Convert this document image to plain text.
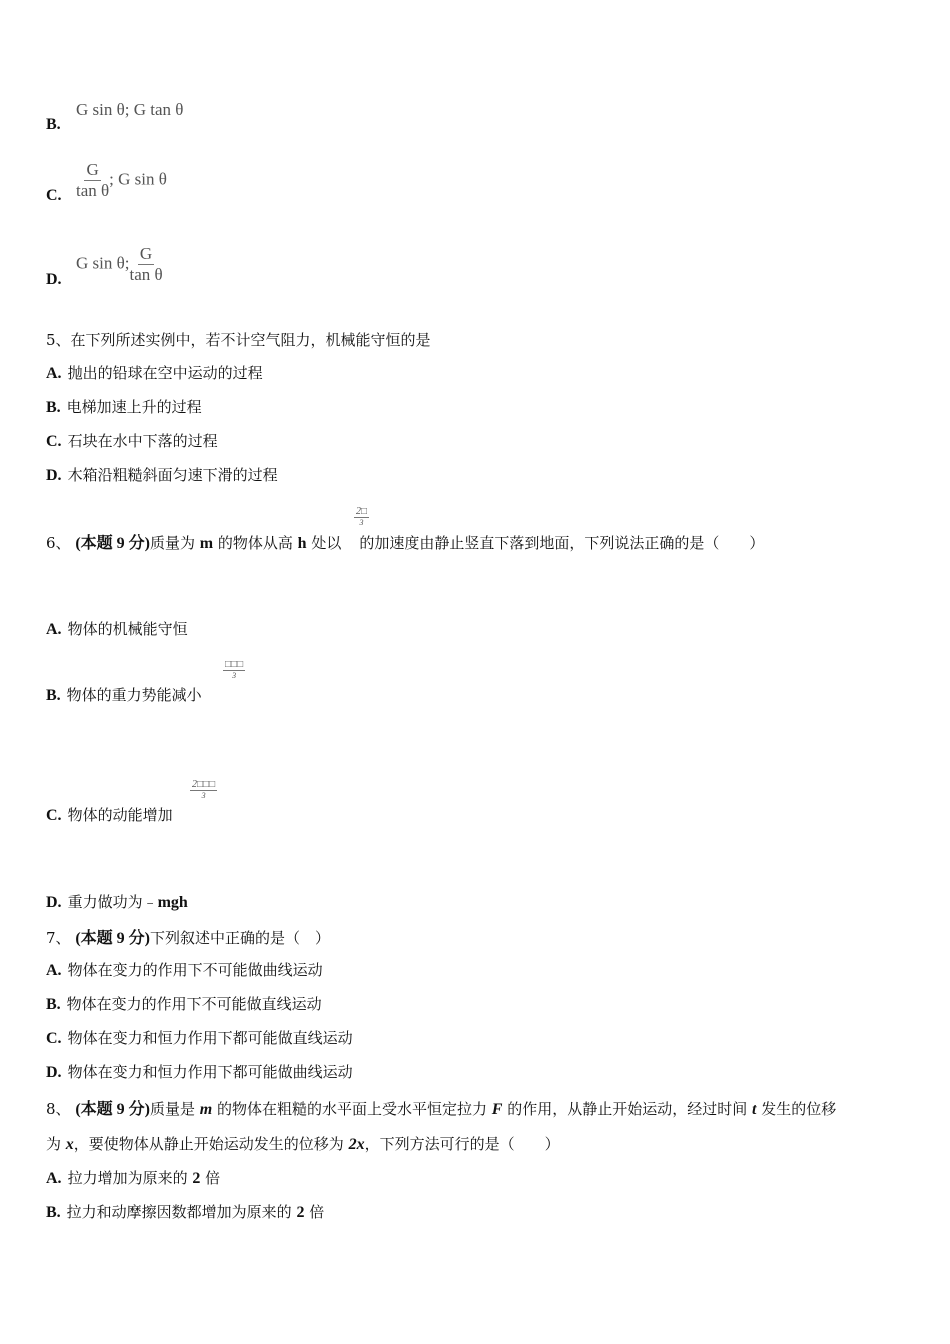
B.
G sin θ; G tan θ
C. $\frac{G}{\text{tan θ}}$ ; G sin θ
D.
G sin θ; $\frac{G}{\text{tan θ}}$
5、在下列所述实例中，若不计空气阻力，机械能守恒的是
A. 抛出的铅球在空中运动的过程
B. 电梯加速上升的过程
C. 石块在水中下落的过程
D. 木箱沿粗糙斜面匀速下滑的过程
6、 (本题 9 分)质量为 m 的物体从高 h 处以 的加速度由静止竖直下落到地面，下列说法正确的是（　　）
2□
3
A. 物体的机械能守恒
B. 物体的重力势能减小
□□□
3
C. 物体的动能增加
2□□□
3
D. 重力做功为﹣mgh
7、 (本题 9 分)下列叙述中正确的是（　）
A. 物体在变力的作用下不可能做曲线运动
B. 物体在变力的作用下不可能做直线运动
C. 物体在变力和恒力作用下都可能做直线运动
D. 物体在变力和恒力作用下都可能做曲线运动
8、 (本题 9 分)质量是 m 的物体在粗糙的水平面上受水平恒定拉力 F 的作用，从静止开始运动，经过时间 t 发生的位移
为 x，要使物体从静止开始运动发生的位移为 2x，下列方法可行的是（　　）
A. 拉力增加为原来的 2 倍
B. 拉力和动摩擦因数都增加为原来的 2 倍
